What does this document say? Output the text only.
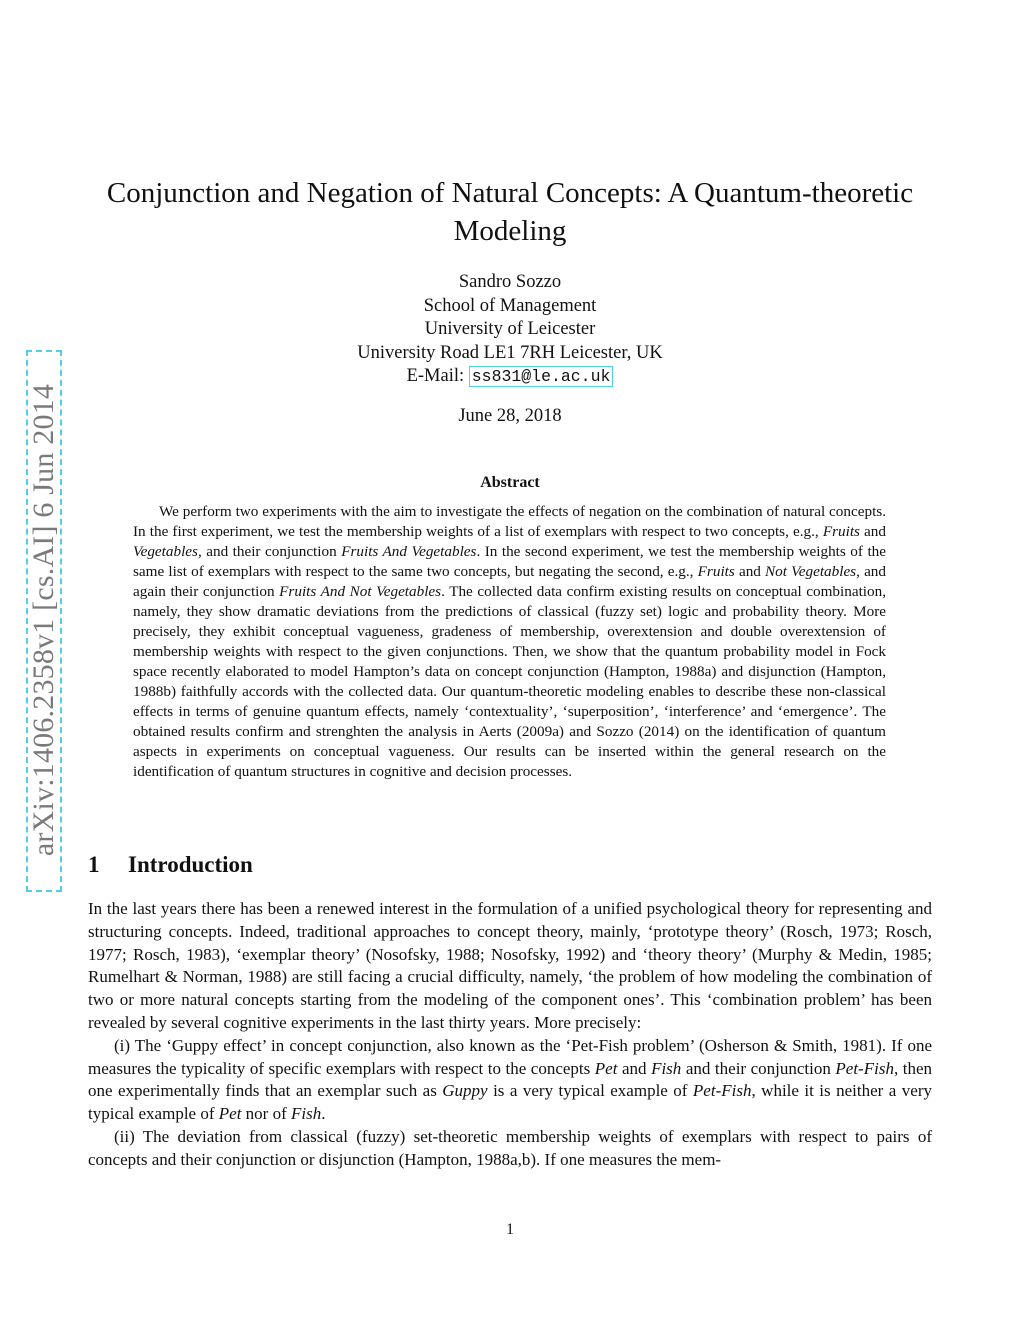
arXiv:1406.2358v1 [cs.AI] 6 Jun 2014
Conjunction and Negation of Natural Concepts: A Quantum-theoretic Modeling
Sandro Sozzo
School of Management
University of Leicester
University Road LE1 7RH Leicester, UK
E-Mail: ss831@le.ac.uk
June 28, 2018
Abstract

We perform two experiments with the aim to investigate the effects of negation on the combination of natural concepts. In the first experiment, we test the membership weights of a list of exemplars with respect to two concepts, e.g., Fruits and Vegetables, and their conjunction Fruits And Vegetables. In the second experiment, we test the membership weights of the same list of exemplars with respect to the same two concepts, but negating the second, e.g., Fruits and Not Vegetables, and again their conjunction Fruits And Not Vegetables. The collected data confirm existing results on conceptual combination, namely, they show dramatic deviations from the predictions of classical (fuzzy set) logic and probability theory. More precisely, they exhibit conceptual vagueness, gradeness of membership, overextension and double overextension of membership weights with respect to the given conjunctions. Then, we show that the quantum probability model in Fock space recently elaborated to model Hampton’s data on concept conjunction (Hampton, 1988a) and disjunction (Hampton, 1988b) faithfully accords with the collected data. Our quantum-theoretic modeling enables to describe these non-classical effects in terms of genuine quantum effects, namely ‘contextuality’, ‘superposition’, ‘interference’ and ‘emergence’. The obtained results confirm and strenghten the analysis in Aerts (2009a) and Sozzo (2014) on the identification of quantum aspects in experiments on conceptual vagueness. Our results can be inserted within the general research on the identification of quantum structures in cognitive and decision processes.

1 Introduction

In the last years there has been a renewed interest in the formulation of a unified psychological theory for representing and structuring concepts. Indeed, traditional approaches to concept theory, mainly, ‘prototype theory’ (Rosch, 1973; Rosch, 1977; Rosch, 1983), ‘exemplar theory’ (Nosofsky, 1988; Nosofsky, 1992) and ‘theory theory’ (Murphy & Medin, 1985; Rumelhart & Norman, 1988) are still facing a crucial difficulty, namely, ‘the problem of how modeling the combination of two or more natural concepts starting from the modeling of the component ones’. This ‘combination problem’ has been revealed by several cognitive experiments in the last thirty years. More precisely:

(i) The ‘Guppy effect’ in concept conjunction, also known as the ‘Pet-Fish problem’ (Osherson & Smith, 1981). If one measures the typicality of specific exemplars with respect to the concepts Pet and Fish and their conjunction Pet-Fish, then one experimentally finds that an exemplar such as Guppy is a very typical example of Pet-Fish, while it is neither a very typical example of Pet nor of Fish.

(ii) The deviation from classical (fuzzy) set-theoretic membership weights of exemplars with respect to pairs of concepts and their conjunction or disjunction (Hampton, 1988a,b). If one measures the mem-

1
